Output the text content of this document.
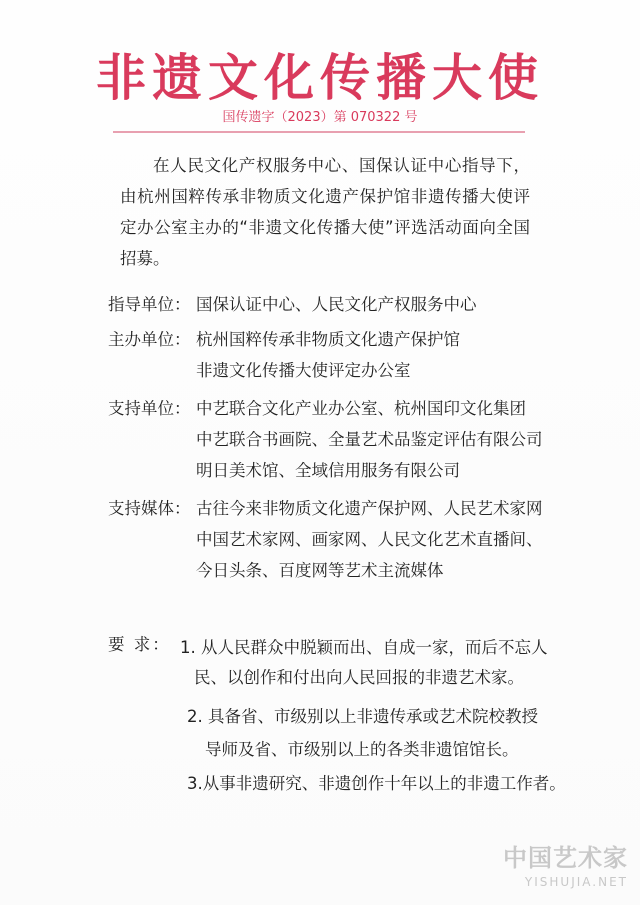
非遗文化传播大使
国传遗字（2023）第 070322 号
在人民文化产权服务中心、国保认证中心指导下，由杭州国粹传承非物质文化遗产保护馆非遗传播大使评定办公室主办的“非遗文化传播大使”评选活动面向全国招募。
指导单位： 国保认证中心、人民文化产权服务中心
主办单位： 杭州国粹传承非物质文化遗产保护馆
非遗文化传播大使评定办公室
支持单位： 中艺联合文化产业办公室、杭州国印文化集团
中艺联合书画院、全量艺术品鉴定评估有限公司
明日美术馆、全域信用服务有限公司
支持媒体： 古往今来非物质文化遗产保护网、人民艺术家网
中国艺术家网、画家网、人民文化艺术直播间、
今日头条、百度网等艺术主流媒体
要 求： 1. 从人民群众中脱颖而出、自成一家，而后不忘人
民、以创作和付出向人民回报的非遗艺术家。
2. 具备省、市级别以上非遗传承或艺术院校教授
导师及省、市级别以上的各类非遗馆馆长。
3.从事非遗研究、非遗创作十年以上的非遗工作者。
中国艺术家
YISHUJIA.NET
